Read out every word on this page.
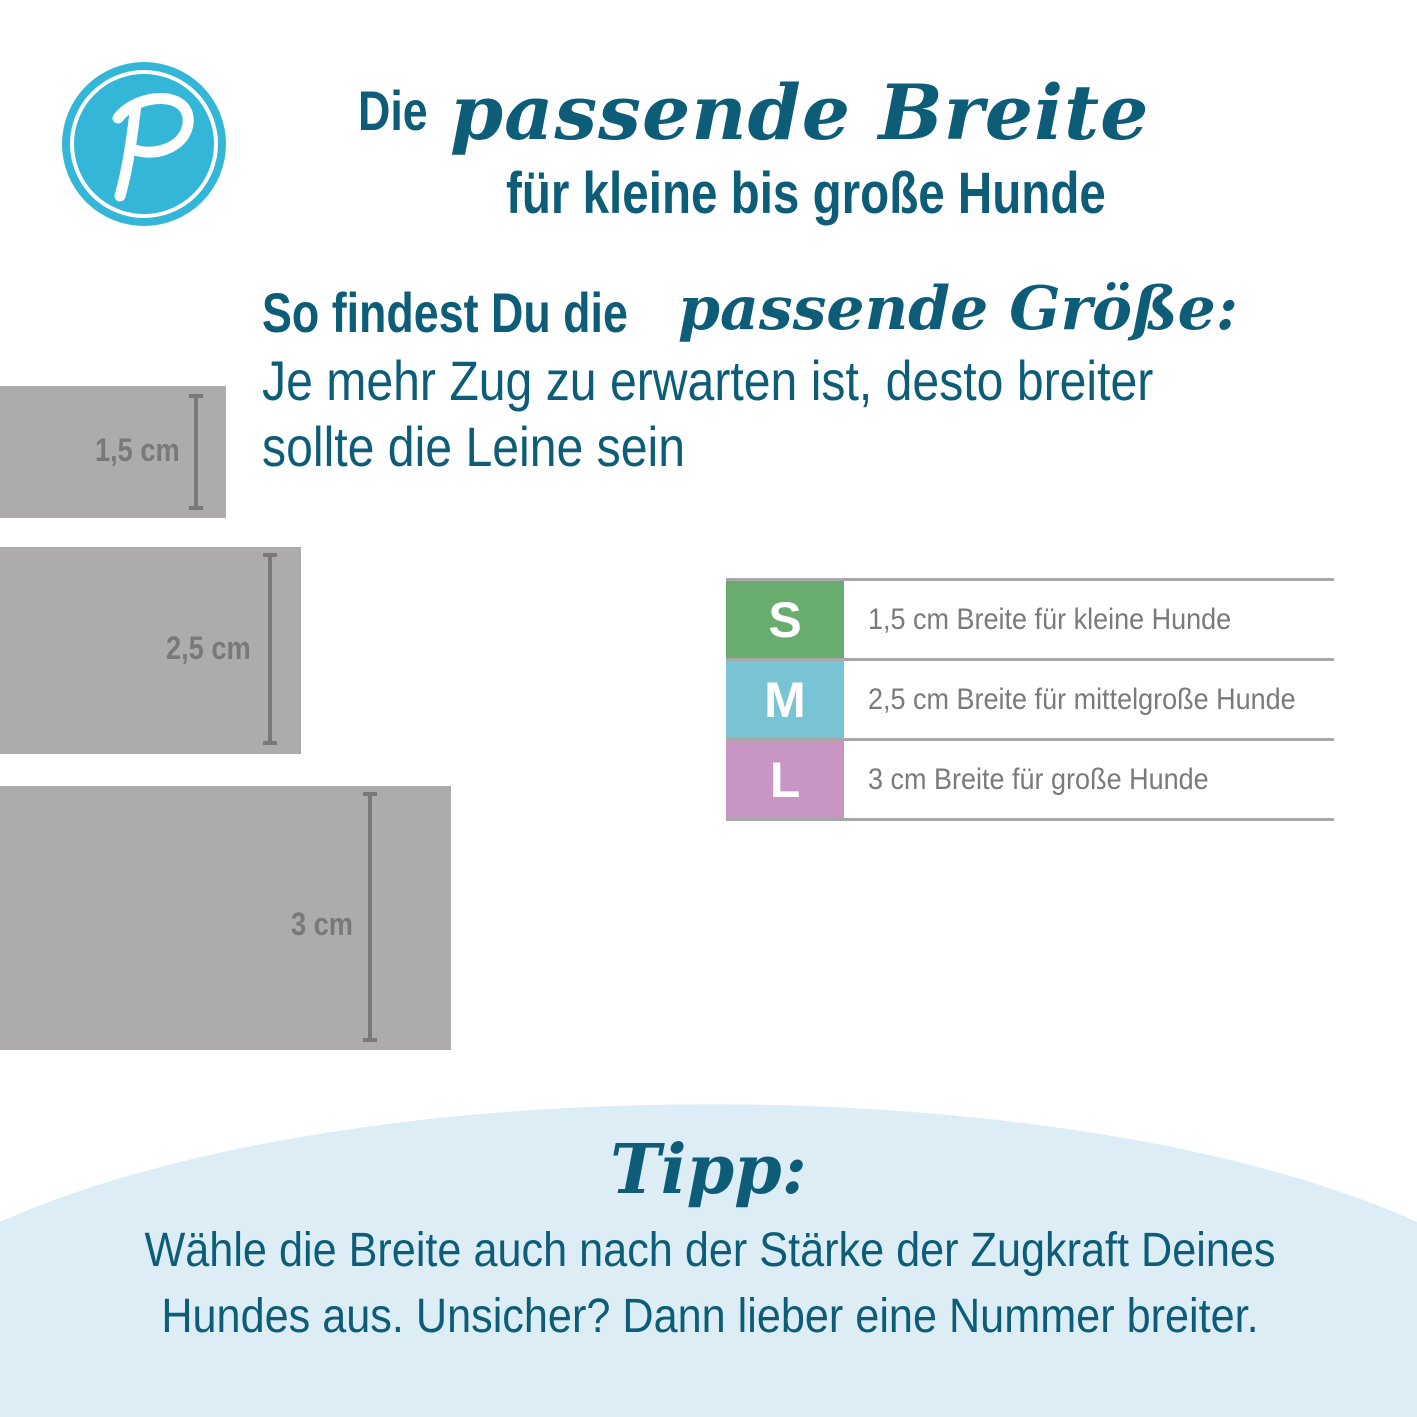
Die passende Breite
für kleine bis große Hunde
So findest Du die passende Größe:
Je mehr Zug zu erwarten ist, desto breiter
sollte die Leine sein
1,5 cm
2,5 cm
3 cm
S	1,5 cm Breite für kleine Hunde
M	2,5 cm Breite für mittelgroße Hunde
L	3 cm Breite für große Hunde
Tipp:
Wähle die Breite auch nach der Stärke der Zugkraft Deines
Hundes aus. Unsicher? Dann lieber eine Nummer breiter.
